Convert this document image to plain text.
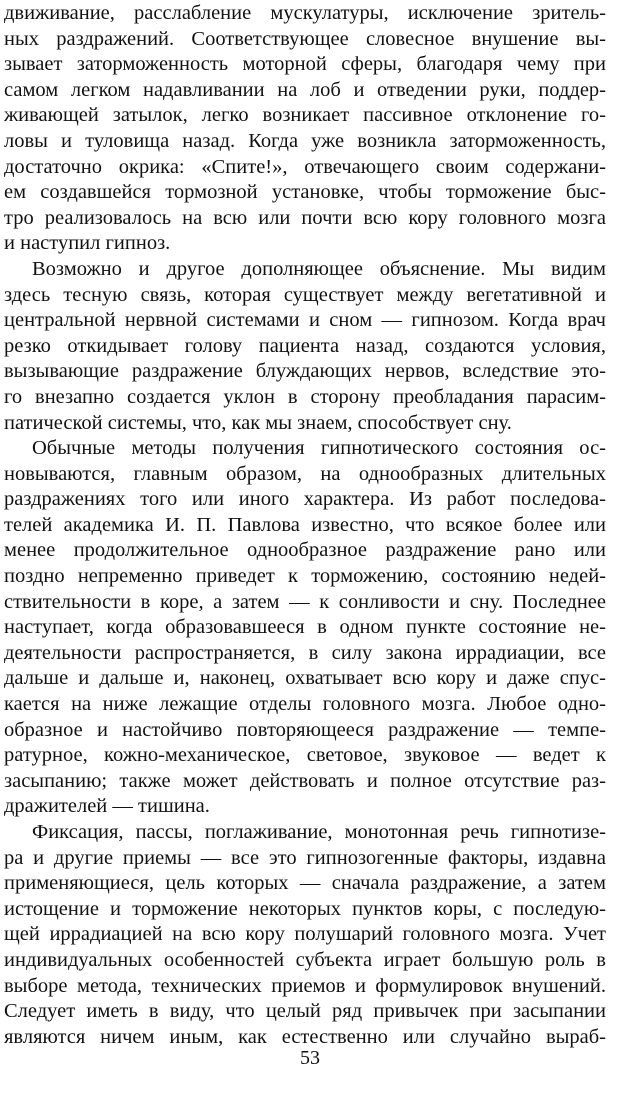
движивание, расслабление мускулатуры, исключение зритель-
ных раздражений. Соответствующее словесное внушение вы-
зывает заторможенность моторной сферы, благодаря чему при
самом легком надавливании на лоб и отведении руки, поддер-
живающей затылок, легко возникает пассивное отклонение го-
ловы и туловища назад. Когда уже возникла заторможенность,
достаточно окрика: «Спите!», отвечающего своим содержани-
ем создавшейся тормозной установке, чтобы торможение быс-
тро реализовалось на всю или почти всю кору головного мозга
и наступил гипноз.
Возможно и другое дополняющее объяснение. Мы видим
здесь тесную связь, которая существует между вегетативной и
центральной нервной системами и сном — гипнозом. Когда врач
резко откидывает голову пациента назад, создаются условия,
вызывающие раздражение блуждающих нервов, вследствие это-
го внезапно создается уклон в сторону преобладания парасим-
патической системы, что, как мы знаем, способствует сну.
Обычные методы получения гипнотического состояния ос-
новываются, главным образом, на однообразных длительных
раздражениях того или иного характера. Из работ последова-
телей академика И. П. Павлова известно, что всякое более или
менее продолжительное однообразное раздражение рано или
поздно непременно приведет к торможению, состоянию недей-
ствительности в коре, а затем — к сонливости и сну. Последнее
наступает, когда образовавшееся в одном пункте состояние не-
деятельности распространяется, в силу закона иррадиации, все
дальше и дальше и, наконец, охватывает всю кору и даже спус-
кается на ниже лежащие отделы головного мозга. Любое одно-
образное и настойчиво повторяющееся раздражение — темпе-
ратурное, кожно-механическое, световое, звуковое — ведет к
засыпанию; также может действовать и полное отсутствие раз-
дражителей — тишина.
Фиксация, пассы, поглаживание, монотонная речь гипнотизе-
ра и другие приемы — все это гипнозогенные факторы, издавна
применяющиеся, цель которых — сначала раздражение, а затем
истощение и торможение некоторых пунктов коры, с последую-
щей иррадиацией на всю кору полушарий головного мозга. Учет
индивидуальных особенностей субъекта играет большую роль в
выборе метода, технических приемов и формулировок внушений.
Следует иметь в виду, что целый ряд привычек при засыпании
являются ничем иным, как естественно или случайно выраб-
53
